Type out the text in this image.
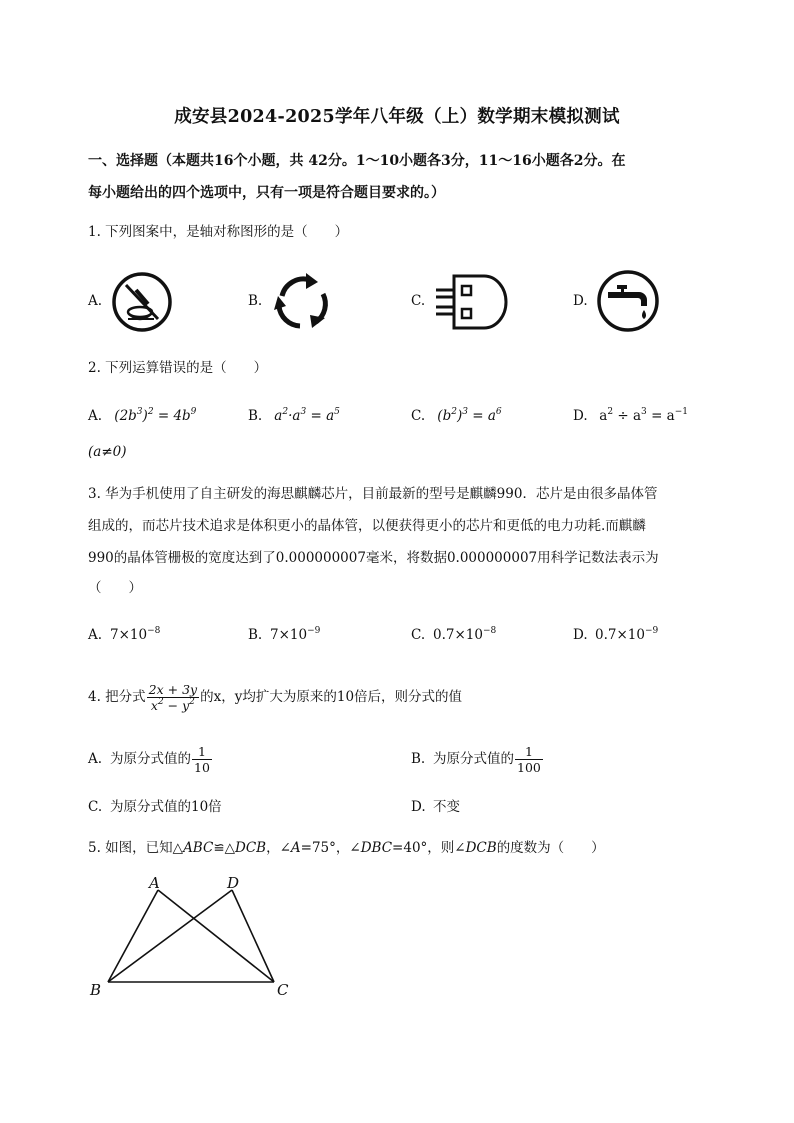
成安县2024-2025学年八年级（上）数学期末模拟测试
一、选择题（本题共16个小题，共 42分。1～10小题各3分，11～16小题各2分。在
每小题给出的四个选项中，只有一项是符合题目要求的。）
1. 下列图案中，是轴对称图形的是（　　）
A.	B.	C.	D.
2. 下列运算错误的是（　　）
A. $(2b^3)^2 = 4b^9$	B. $a^2\cdot a^3 = a^5$	C. $(b^2)^3 = a^6$	D. $a^2 \div a^3 = a^{-1}$
(a≠0)
3. 华为手机使用了自主研发的海思麒麟芯片，目前最新的型号是麒麟990．芯片是由很多晶体管
组成的，而芯片技术追求是体积更小的晶体管，以便获得更小的芯片和更低的电力功耗.而麒麟
990的晶体管栅极的宽度达到了0.000000007毫米，将数据0.000000007用科学记数法表示为
（　　）
A. $7\times 10^{-8}$	B. $7\times 10^{-9}$	C. $0.7\times 10^{-8}$	D. $0.7\times 10^{-9}$
4. 把分式 $\frac{2x + 3y}{x^2 - y^2}$ 的x，y均扩大为原来的10倍后，则分式的值
A. 为原分式值的 $\frac{1}{10}$	B. 为原分式值的 $\frac{1}{100}$
C. 为原分式值的10倍	D. 不变
5. 如图，已知△ABC≌△DCB，∠A=75°，∠DBC=40°，则∠DCB的度数为（　　）
A	D
B	C
